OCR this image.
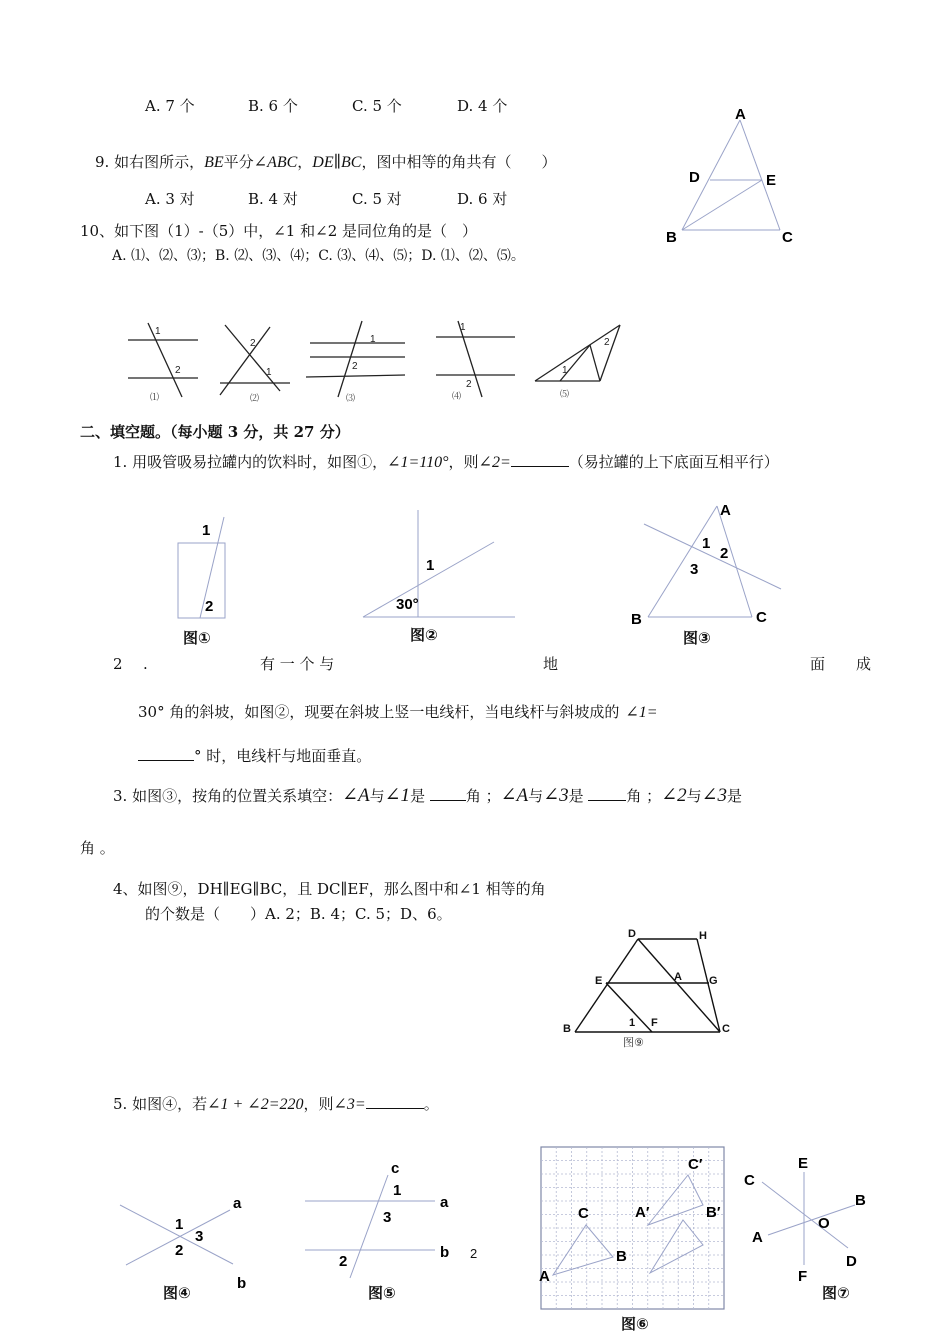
A. 7 个	B. 6 个	C. 5 个	D. 4 个
9. 如右图所示，BE平分∠ABC，DE∥BC，图中相等的角共有（　　）
A. 3 对	B. 4 对	C. 5 对	D. 6 对
A
D	E
B	C
10、如下图（1）-（5）中，∠1 和∠2 是同位角的是（　）
A. ⑴、⑵、⑶；B. ⑵、⑶、⑷；C. ⑶、⑷、⑸；D. ⑴、⑵、⑸。
1
2
2
1
1
2
1
2
2
1
⑴	⑵	⑶	⑷	⑸
二、填空题。（每小题 3 分，共 27 分）
1. 用吸管吸易拉罐内的饮料时，如图①，∠1=110°，则∠2=	（易拉罐的上下底面互相平行）
1
2
图①
1
30°
图②
A
1
2
3
B	C
图③
2 .	有 一 个 与	地	面 成
30° 角的斜坡，如图②，现要在斜坡上竖一电线杆，当电线杆与斜坡成的 ∠1=
° 时，电线杆与地面垂直。
3. 如图③，按角的位置关系填空：∠A与∠1是	角 ；∠A与∠3是	角 ；∠2与∠3是
角 。
4、如图⑨，DH∥EG∥BC，且 DC∥EF，那么图中和∠1 相等的角
的个数是（　　）A. 2；B. 4；C. 5；D、6。
D	H
E	A G
B	1 F	C
图⑨
5. 如图④，若∠1 + ∠2=220，则∠3=	。
a
1
3
2
b
图④
c
1
a
3
2
b 2
图⑤
A
C
B
A′
C′
B′
图⑥
E
C
B
O
A
D
F
图⑦
